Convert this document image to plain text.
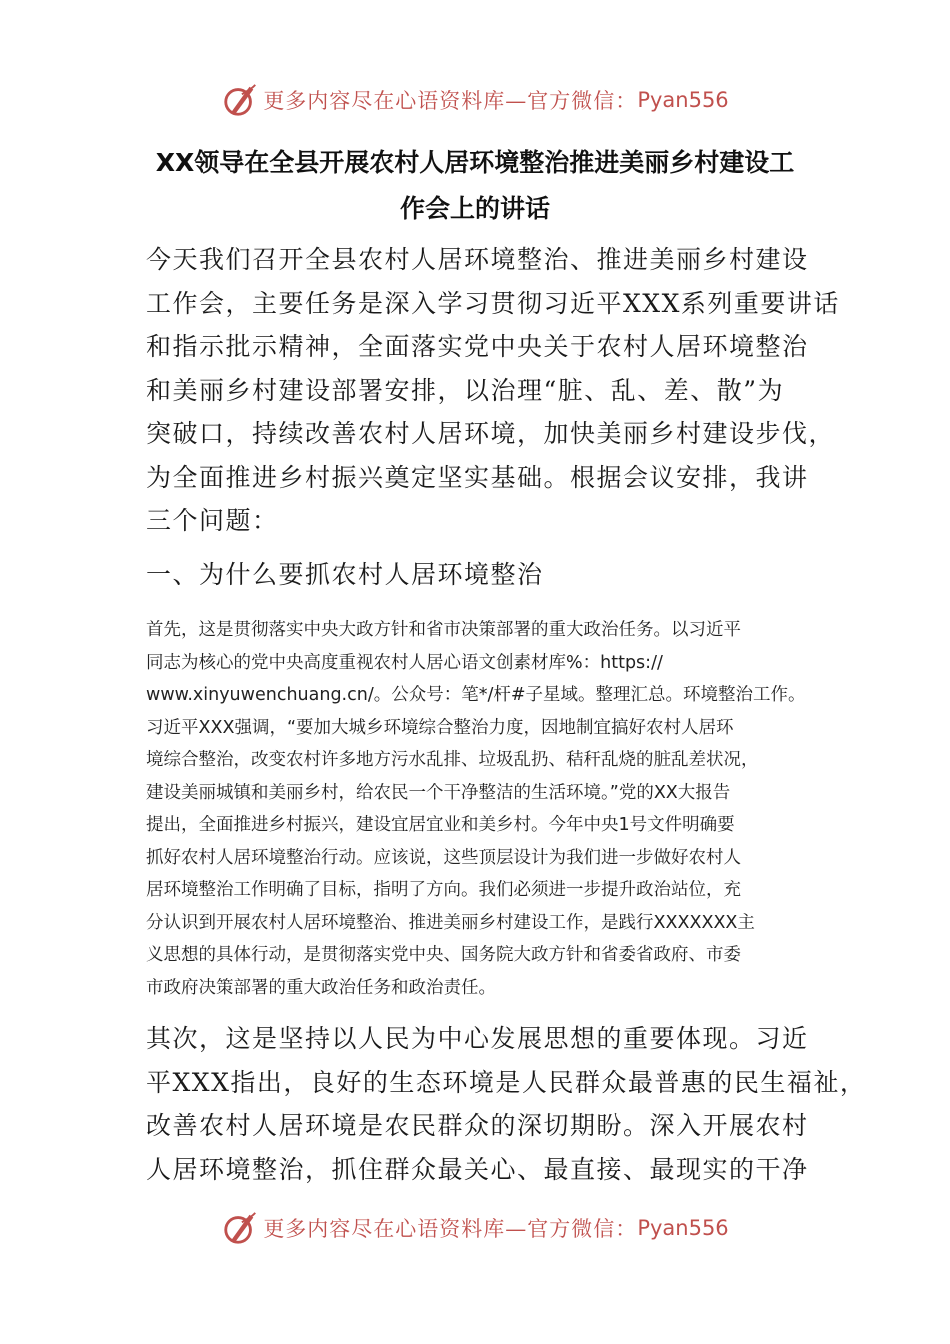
更多内容尽在心语资料库—官方微信： Pyan556
XX领导在全县开展农村人居环境整治推进美丽乡村建设工
作会上的讲话
今天我们召开全县农村人居环境整治、推进美丽乡村建设
工作会，主要任务是深入学习贯彻习近平XXX系列重要讲话
和指示批示精神，全面落实党中央关于农村人居环境整治
和美丽乡村建设部署安排，以治理“脏、乱、差、散”为
突破口，持续改善农村人居环境，加快美丽乡村建设步伐，
为全面推进乡村振兴奠定坚实基础。根据会议安排，我讲
三个问题：
一、为什么要抓农村人居环境整治
首先，这是贯彻落实中央大政方针和省市决策部署的重大政治任务。以习近平
同志为核心的党中央高度重视农村人居心语文创素材库%：https://
www.xinyuwenchuang.cn/。公众号：笔*/杆#子星域。整理汇总。环境整治工作。
习近平XXX强调，“要加大城乡环境综合整治力度，因地制宜搞好农村人居环
境综合整治，改变农村许多地方污水乱排、垃圾乱扔、秸秆乱烧的脏乱差状况，
建设美丽城镇和美丽乡村，给农民一个干净整洁的生活环境。”党的XX大报告
提出，全面推进乡村振兴，建设宜居宜业和美乡村。今年中央1号文件明确要
抓好农村人居环境整治行动。应该说，这些顶层设计为我们进一步做好农村人
居环境整治工作明确了目标，指明了方向。我们必须进一步提升政治站位，充
分认识到开展农村人居环境整治、推进美丽乡村建设工作，是践行XXXXXXX主
义思想的具体行动，是贯彻落实党中央、国务院大政方针和省委省政府、市委
市政府决策部署的重大政治任务和政治责任。
其次，这是坚持以人民为中心发展思想的重要体现。习近
平XXX指出，良好的生态环境是人民群众最普惠的民生福祉，
改善农村人居环境是农民群众的深切期盼。深入开展农村
人居环境整治，抓住群众最关心、最直接、最现实的干净
更多内容尽在心语资料库—官方微信： Pyan556
